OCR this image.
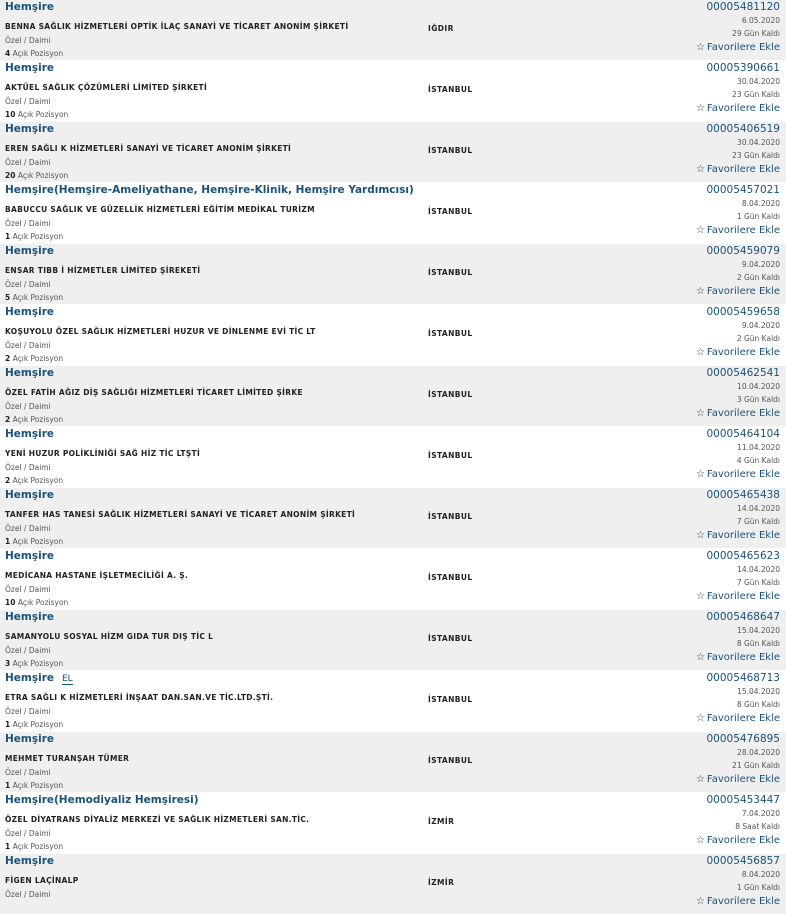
Hemşire
BENNA SAĞLIK HİZMETLERİ OPTİK İLAÇ SANAYİ VE TİCARET ANONİM ŞİRKETİ
Özel / Daimi
4 Açık Pozisyon
IĞDIR
00005481120
6.05.2020
29 Gün Kaldı
☆ Favorilere Ekle
Hemşire
AKTÜEL SAĞLIK ÇÖZÜMLERİ LİMİTED ŞİRKETİ
Özel / Daimi
10 Açık Pozisyon
İSTANBUL
00005390661
30.04.2020
23 Gün Kaldı
☆ Favorilere Ekle
Hemşire
EREN SAĞLI K HİZMETLERİ SANAYİ VE TİCARET ANONİM ŞİRKETİ
Özel / Daimi
20 Açık Pozisyon
İSTANBUL
00005406519
30.04.2020
23 Gün Kaldı
☆ Favorilere Ekle
Hemşire(Hemşire-Ameliyathane, Hemşire-Klinik, Hemşire Yardımcısı)
BABUCCU SAĞLIK VE GÜZELLİK HİZMETLERİ EĞİTİM MEDİKAL TURİZM
Özel / Daimi
1 Açık Pozisyon
İSTANBUL
00005457021
8.04.2020
1 Gün Kaldı
☆ Favorilere Ekle
Hemşire
ENSAR TIBB İ HİZMETLER LİMİTED ŞİREKETİ
Özel / Daimi
5 Açık Pozisyon
İSTANBUL
00005459079
9.04.2020
2 Gün Kaldı
☆ Favorilere Ekle
Hemşire
KOŞUYOLU ÖZEL SAĞLIK HİZMETLERİ HUZUR VE DİNLENME EVİ TİC LT
Özel / Daimi
2 Açık Pozisyon
İSTANBUL
00005459658
9.04.2020
2 Gün Kaldı
☆ Favorilere Ekle
Hemşire
ÖZEL FATİH AĞIZ DİŞ SAĞLIĞI HİZMETLERİ TİCARET LİMİTED ŞİRKE
Özel / Daimi
2 Açık Pozisyon
İSTANBUL
00005462541
10.04.2020
3 Gün Kaldı
☆ Favorilere Ekle
Hemşire
YENİ HUZUR POLİKLİNİĞİ SAĞ HİZ TİC LTŞTİ
Özel / Daimi
2 Açık Pozisyon
İSTANBUL
00005464104
11.04.2020
4 Gün Kaldı
☆ Favorilere Ekle
Hemşire
TANFER HAS TANESİ SAĞLIK HİZMETLERİ SANAYİ VE TİCARET ANONİM ŞİRKETİ
Özel / Daimi
1 Açık Pozisyon
İSTANBUL
00005465438
14.04.2020
7 Gün Kaldı
☆ Favorilere Ekle
Hemşire
MEDİCANA HASTANE İŞLETMECİLİĞİ A. Ş.
Özel / Daimi
10 Açık Pozisyon
İSTANBUL
00005465623
14.04.2020
7 Gün Kaldı
☆ Favorilere Ekle
Hemşire
SAMANYOLU SOSYAL HİZM GIDA TUR DIŞ TİC L
Özel / Daimi
3 Açık Pozisyon
İSTANBUL
00005468647
15.04.2020
8 Gün Kaldı
☆ Favorilere Ekle
Hemşire EL
ETRA SAĞLI K HİZMETLERİ İNŞAAT DAN.SAN.VE TİC.LTD.ŞTİ.
Özel / Daimi
1 Açık Pozisyon
İSTANBUL
00005468713
15.04.2020
8 Gün Kaldı
☆ Favorilere Ekle
Hemşire
MEHMET TURANŞAH TÜMER
Özel / Daimi
1 Açık Pozisyon
İSTANBUL
00005476895
28.04.2020
21 Gün Kaldı
☆ Favorilere Ekle
Hemşire(Hemodiyaliz Hemşiresi)
ÖZEL DİYATRANS DİYALİZ MERKEZİ VE SAĞLIK HİZMETLERİ SAN.TİC.
Özel / Daimi
1 Açık Pozisyon
İZMİR
00005453447
7.04.2020
8 Saat Kaldı
☆ Favorilere Ekle
Hemşire
FİGEN LAÇİNALP
Özel / Daimi
İZMİR
00005456857
8.04.2020
1 Gün Kaldı
☆ Favorilere Ekle
